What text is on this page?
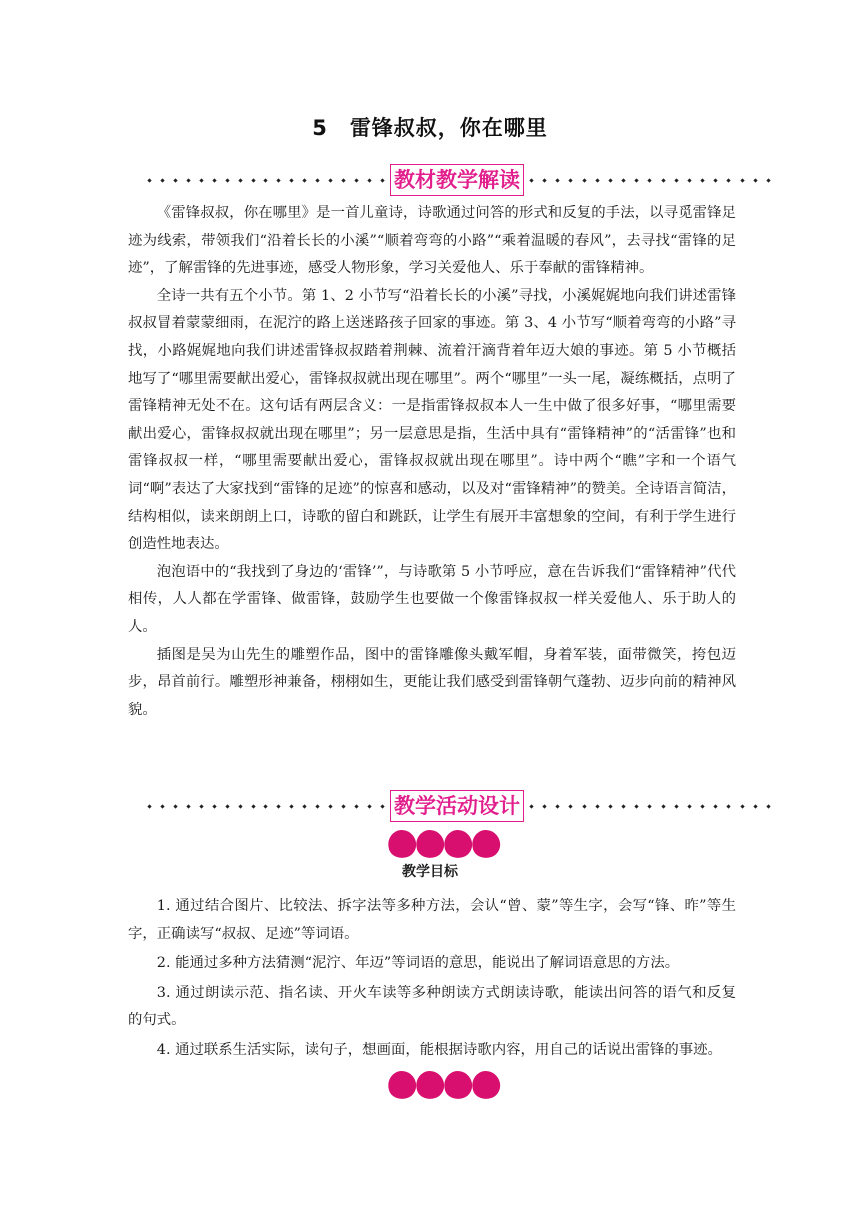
5 雷锋叔叔，你在哪里
教材教学解读

《雷锋叔叔，你在哪里》是一首儿童诗，诗歌通过问答的形式和反复的手法，以寻觅雷锋足迹为线索，带领我们“沿着长长的小溪”“顺着弯弯的小路”“乘着温暖的春风”，去寻找“雷锋的足迹”，了解雷锋的先进事迹，感受人物形象，学习关爱他人、乐于奉献的雷锋精神。

全诗一共有五个小节。第 1、2 小节写“沿着长长的小溪”寻找，小溪娓娓地向我们讲述雷锋叔叔冒着蒙蒙细雨，在泥泞的路上送迷路孩子回家的事迹。第 3、4 小节写“顺着弯弯的小路”寻找，小路娓娓地向我们讲述雷锋叔叔踏着荆棘、流着汗滴背着年迈大娘的事迹。第 5 小节概括地写了“哪里需要献出爱心，雷锋叔叔就出现在哪里”。两个“哪里”一头一尾，凝练概括，点明了雷锋精神无处不在。这句话有两层含义：一是指雷锋叔叔本人一生中做了很多好事，“哪里需要献出爱心，雷锋叔叔就出现在哪里”；另一层意思是指，生活中具有“雷锋精神”的“活雷锋”也和雷锋叔叔一样，“哪里需要献出爱心，雷锋叔叔就出现在哪里”。诗中两个“瞧”字和一个语气词“啊”表达了大家找到“雷锋的足迹”的惊喜和感动，以及对“雷锋精神”的赞美。全诗语言简洁，结构相似，读来朗朗上口，诗歌的留白和跳跃，让学生有展开丰富想象的空间，有利于学生进行创造性地表达。

泡泡语中的“我找到了身边的‘雷锋’”，与诗歌第 5 小节呼应，意在告诉我们“雷锋精神”代代相传，人人都在学雷锋、做雷锋，鼓励学生也要做一个像雷锋叔叔一样关爱他人、乐于助人的人。

插图是吴为山先生的雕塑作品，图中的雷锋雕像头戴军帽，身着军装，面带微笑，挎包迈步，昂首前行。雕塑形神兼备，栩栩如生，更能让我们感受到雷锋朝气蓬勃、迈步向前的精神风貌。

教学活动设计
教学目标

1. 通过结合图片、比较法、拆字法等多种方法，会认“曾、蒙”等生字，会写“锋、昨”等生字，正确读写“叔叔、足迹”等词语。

2. 能通过多种方法猜测“泥泞、年迈”等词语的意思，能说出了解词语意思的方法。

3. 通过朗读示范、指名读、开火车读等多种朗读方式朗读诗歌，能读出问答的语气和反复的句式。

4. 通过联系生活实际，读句子，想画面，能根据诗歌内容，用自己的话说出雷锋的事迹。
